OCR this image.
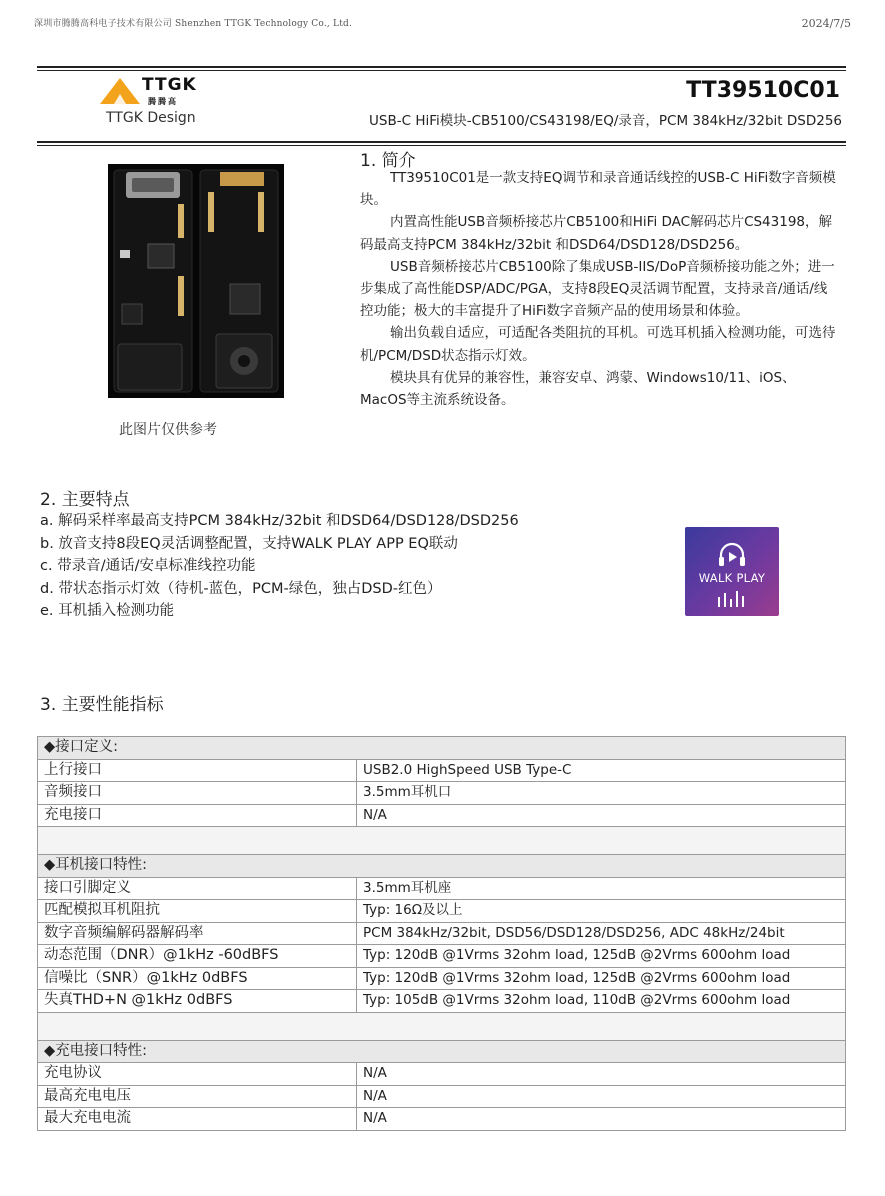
深圳市腾腾高科电子技术有限公司 Shenzhen TTGK Technology Co., Ltd.	2024/7/5
TTGK
腾腾高
TTGK Design
TT39510C01
USB-C HiFi模块-CB5100/CS43198/EQ/录音，PCM 384kHz/32bit DSD256
此图片仅供参考
1. 简介

TT39510C01是一款支持EQ调节和录音通话线控的USB-C HiFi数字音频模块。

内置高性能USB音频桥接芯片CB5100和HiFi DAC解码芯片CS43198，解码最高支持PCM 384kHz/32bit 和DSD64/DSD128/DSD256。

USB音频桥接芯片CB5100除了集成USB-IIS/DoP音频桥接功能之外；进一步集成了高性能DSP/ADC/PGA，支持8段EQ灵活调节配置，支持录音/通话/线控功能；极大的丰富提升了HiFi数字音频产品的使用场景和体验。

输出负载自适应，可适配各类阻抗的耳机。可选耳机插入检测功能，可选待机/PCM/DSD状态指示灯效。

模块具有优异的兼容性，兼容安卓、鸿蒙、Windows10/11、iOS、MacOS等主流系统设备。

2. 主要特点
a. 解码采样率最高支持PCM 384kHz/32bit 和DSD64/DSD128/DSD256
b. 放音支持8段EQ灵活调整配置，支持WALK PLAY APP EQ联动
c. 带录音/通话/安卓标准线控功能
d. 带状态指示灯效（待机-蓝色，PCM-绿色，独占DSD-红色）
e. 耳机插入检测功能
WALK PLAY
3. 主要性能指标
◆接口定义:	
上行接口	USB2.0 HighSpeed USB Type-C
音频接口	3.5mm耳机口
充电接口	N/A

◆耳机接口特性:	
接口引脚定义	3.5mm耳机座
匹配模拟耳机阻抗	Typ: 16Ω及以上
数字音频编解码器解码率	PCM 384kHz/32bit, DSD56/DSD128/DSD256, ADC 48kHz/24bit
动态范围（DNR）@1kHz -60dBFS	Typ: 120dB @1Vrms 32ohm load, 125dB @2Vrms 600ohm load
信噪比（SNR）@1kHz 0dBFS	Typ: 120dB @1Vrms 32ohm load, 125dB @2Vrms 600ohm load
失真THD+N @1kHz 0dBFS	Typ: 105dB @1Vrms 32ohm load, 110dB @2Vrms 600ohm load

◆充电接口特性:	
充电协议	N/A
最高充电电压	N/A
最大充电电流	N/A
